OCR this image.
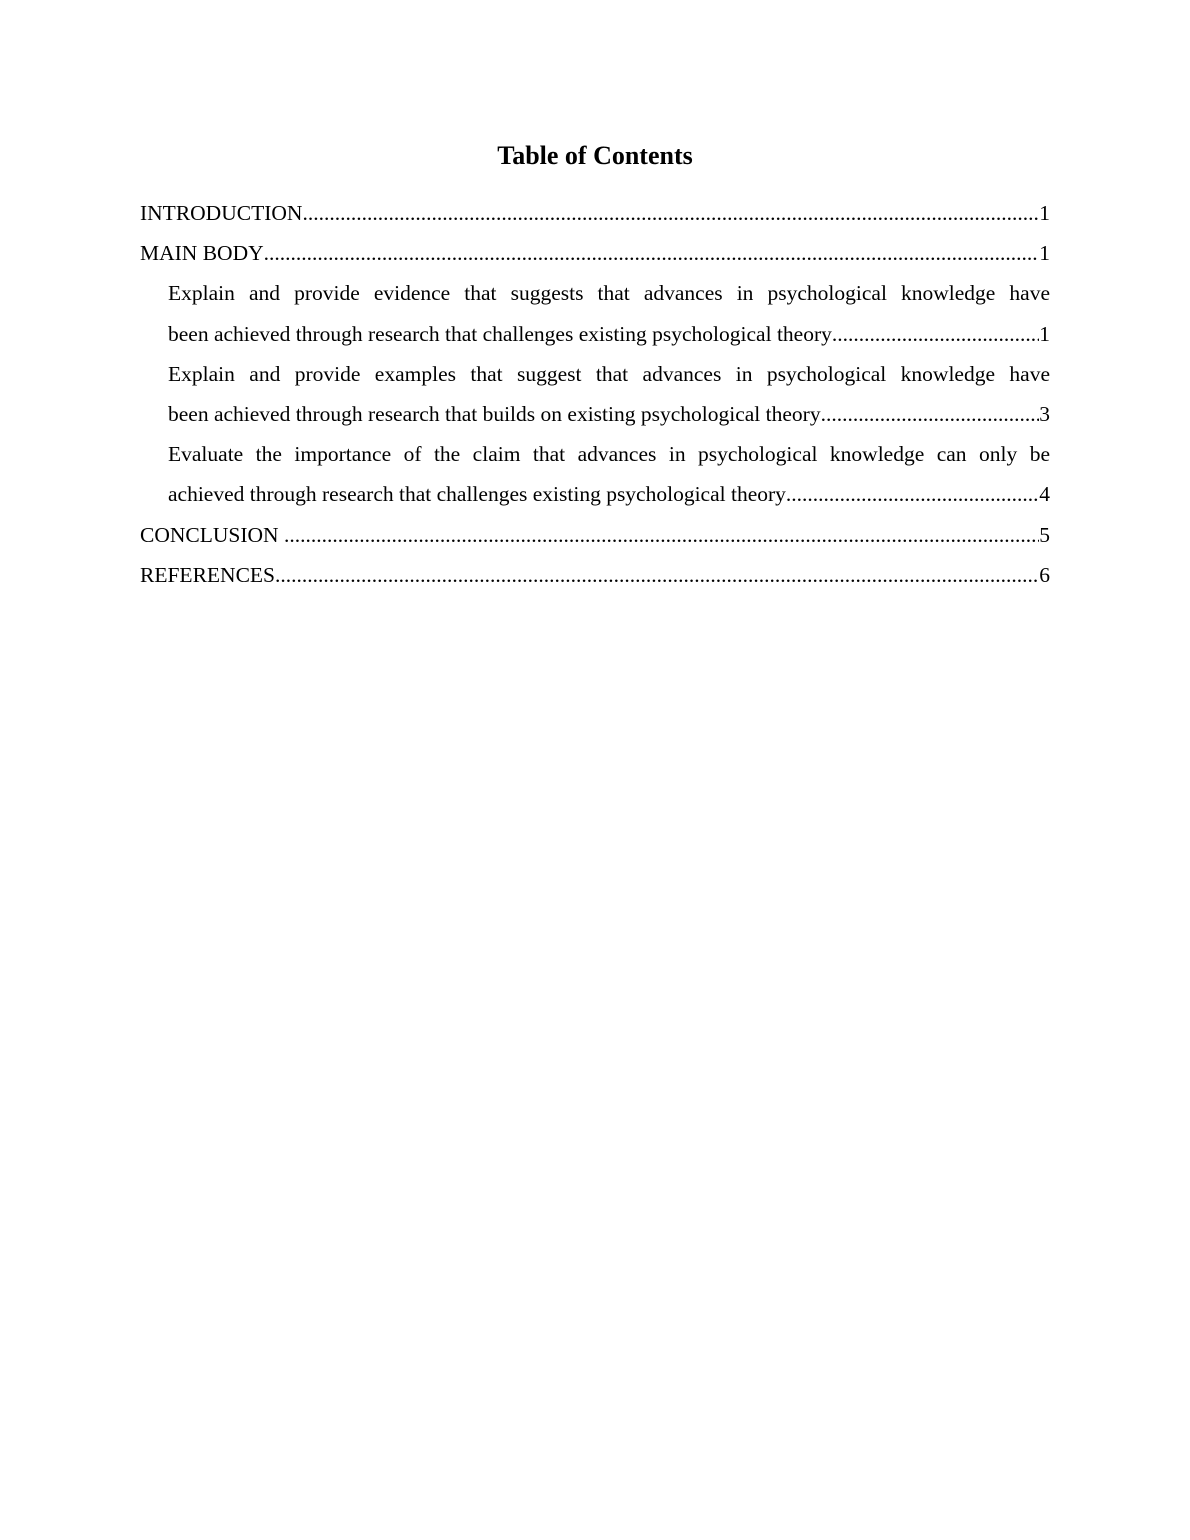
Table of Contents
INTRODUCTION .....	1
MAIN BODY .....	1
Explain and provide evidence that suggests that advances in psychological knowledge have
been achieved through research that challenges existing psychological theory .....	1
Explain and provide examples that suggest that advances in psychological knowledge have
been achieved through research that builds on existing psychological theory .....	3
Evaluate the importance of the claim that advances in psychological knowledge can only be
achieved through research that challenges existing psychological theory .....	4
CONCLUSION .....	5
REFERENCES .....	6
